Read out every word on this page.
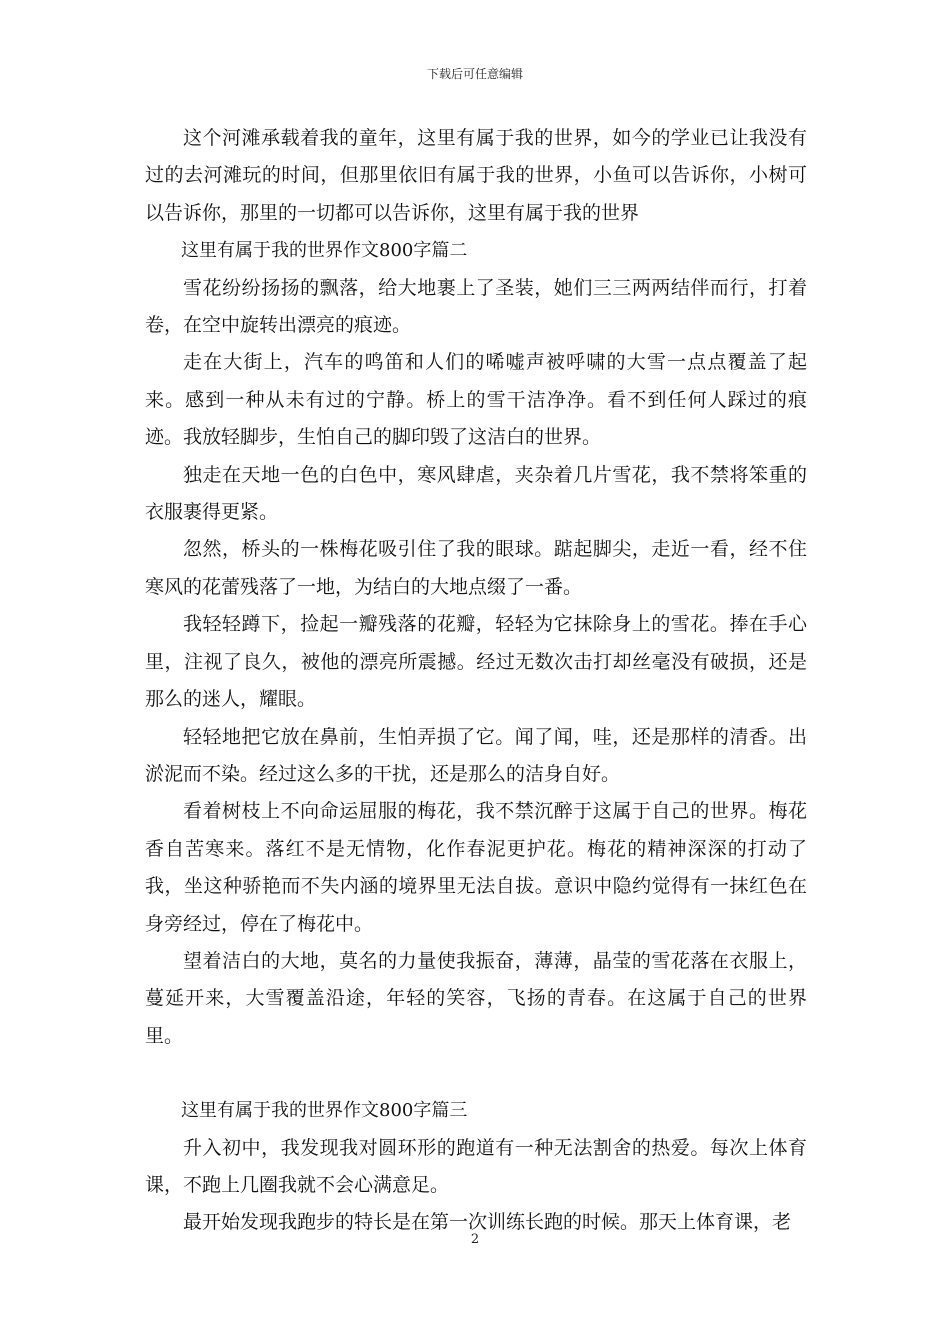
下载后可任意编辑

这个河滩承载着我的童年，这里有属于我的世界，如今的学业已让我没有过的去河滩玩的时间，但那里依旧有属于我的世界，小鱼可以告诉你，小树可以告诉你，那里的一切都可以告诉你，这里有属于我的世界

这里有属于我的世界作文800字篇二

雪花纷纷扬扬的飘落，给大地裹上了圣装，她们三三两两结伴而行，打着卷，在空中旋转出漂亮的痕迹。

走在大街上，汽车的鸣笛和人们的唏嘘声被呼啸的大雪一点点覆盖了起来。感到一种从未有过的宁静。桥上的雪干洁净净。看不到任何人踩过的痕迹。我放轻脚步，生怕自己的脚印毁了这洁白的世界。

独走在天地一色的白色中，寒风肆虐，夹杂着几片雪花，我不禁将笨重的衣服裹得更紧。

忽然，桥头的一株梅花吸引住了我的眼球。踮起脚尖，走近一看，经不住寒风的花蕾残落了一地，为结白的大地点缀了一番。

我轻轻蹲下，捡起一瓣残落的花瓣，轻轻为它抹除身上的雪花。捧在手心里，注视了良久，被他的漂亮所震撼。经过无数次击打却丝毫没有破损，还是那么的迷人，耀眼。

轻轻地把它放在鼻前，生怕弄损了它。闻了闻，哇，还是那样的清香。出淤泥而不染。经过这么多的干扰，还是那么的洁身自好。

看着树枝上不向命运屈服的梅花，我不禁沉醉于这属于自己的世界。梅花香自苦寒来。落红不是无情物，化作春泥更护花。梅花的精神深深的打动了我，坐这种骄艳而不失内涵的境界里无法自拔。意识中隐约觉得有一抹红色在身旁经过，停在了梅花中。

望着洁白的大地，莫名的力量使我振奋，薄薄，晶莹的雪花落在衣服上，蔓延开来，大雪覆盖沿途，年轻的笑容，飞扬的青春。在这属于自己的世界里。

这里有属于我的世界作文800字篇三

升入初中，我发现我对圆环形的跑道有一种无法割舍的热爱。每次上体育课，不跑上几圈我就不会心满意足。

最开始发现我跑步的特长是在第一次训练长跑的时候。那天上体育课，老

2
